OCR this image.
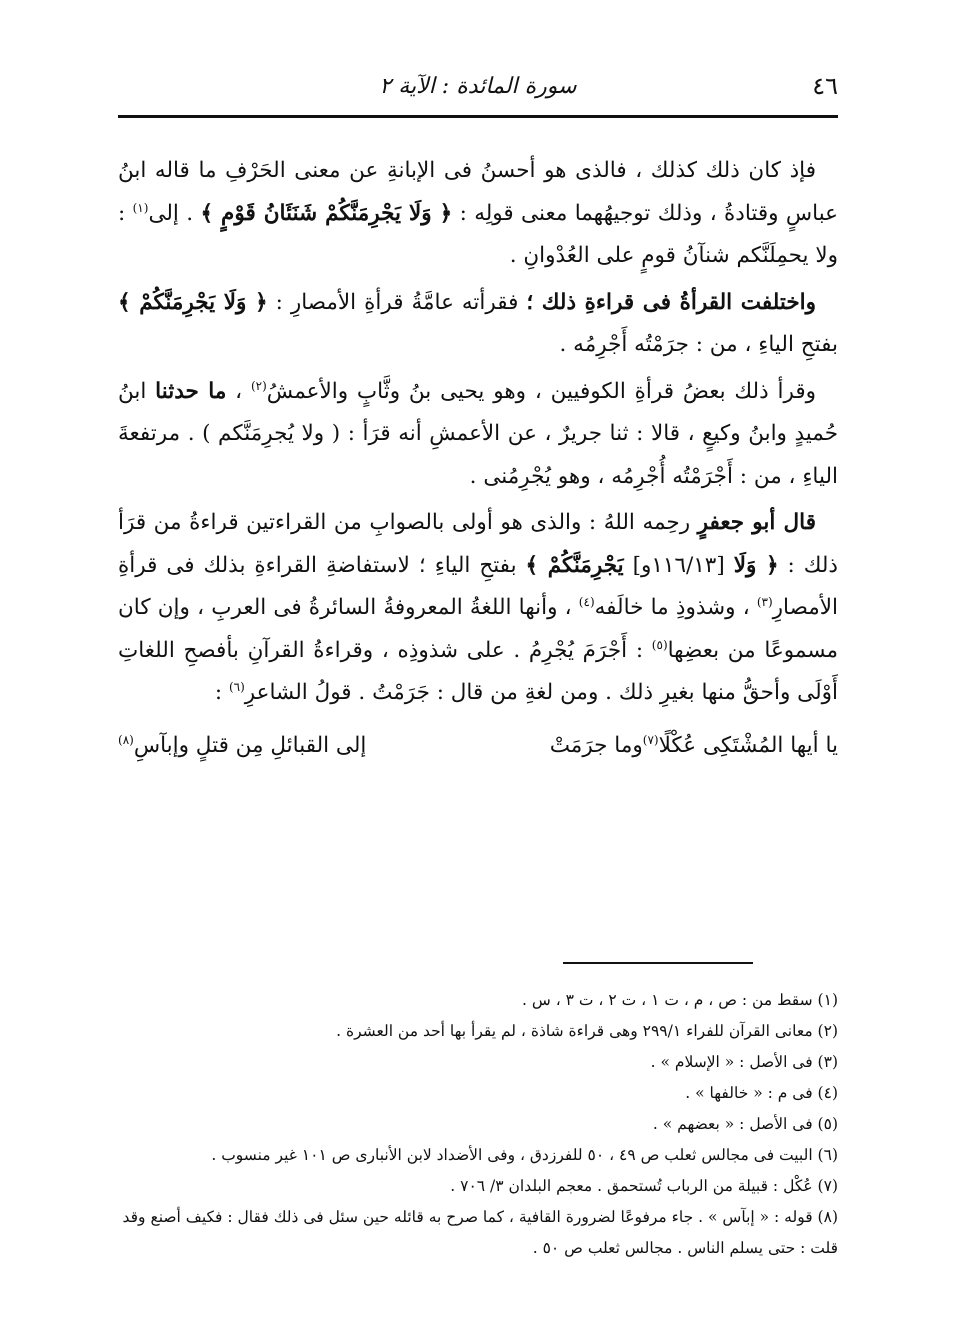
٤٦
سورة المائدة : الآية ٢

فإذ كان ذلك كذلك ، فالذى هو أحسنُ فى الإبانةِ عن معنى الحَرْفِ ما قاله ابنُ عباسٍ وقتادةُ ، وذلك توجيهُهما معنى قولِه : ﴿ وَلَا يَجْرِمَنَّكُمْ شَنَئَانُ قَوْمٍ ﴾ . إلى$^{(١)}$ : ولا يحمِلَنَّكم شنآنُ قومٍ على العُدْوانِ .

واختلفت القرأةُ فى قراءةِ ذلك ؛ فقرأته عامَّةُ قرأةِ الأمصارِ : ﴿ وَلَا يَجْرِمَنَّكُمْ ﴾ بفتحِ الياءِ ، من : جرَمْتُه أَجْرِمُه .

وقرأ ذلك بعضُ قرأةِ الكوفيين ، وهو يحيى بنُ وثَّابٍ والأعمشُ$^{(٢)}$ ، ما حدثنا ابنُ حُميدٍ وابنُ وكيعٍ ، قالا : ثنا جريرٌ ، عن الأعمشِ أنه قرَأ : ( ولا يُجرِمَنَّكم ) . مرتفعةَ الياءِ ، من : أَجْرَمْتُه أُجْرِمُه ، وهو يُجْرِمُنى .

قال أبو جعفرٍ رحِمه اللهُ : والذى هو أولى بالصوابِ من القراءتين قراءةُ من قرَأ ذلك : ﴿ وَلَا [١١٦/١٣و] يَجْرِمَنَّكُمْ ﴾ بفتحِ الياءِ ؛ لاستفاضةِ القراءةِ بذلك فى قرأةِ الأمصارِ$^{(٣)}$ ، وشذوذِ ما خالَفه$^{(٤)}$ ، وأنها اللغةُ المعروفةُ السائرةُ فى العربِ ، وإن كان مسموعًا من بعضِها$^{(٥)}$ : أَجْرَمَ يُجْرِمُ . على شذوذِه ، وقراءةُ القرآنِ بأفصحِ اللغاتِ أَوْلَى وأحقُّ منها بغيرِ ذلك . ومن لغةِ من قال : جَرَمْتُ . قولُ الشاعرِ$^{(٦)}$ :

يا أيها المُشْتَكِى عُكْلًا$^{(٧)}$وما جرَمَتْ
إلى القبائلِ مِن قتلٍ وإبآسِ$^{(٨)}$

(١) سقط من : ص ، م ، ت ١ ، ت ٢ ، ت ٣ ، س .

(٢) معانى القرآن للفراء ٢٩٩/١ وهى قراءة شاذة ، لم يقرأ بها أحد من العشرة .

(٣) فى الأصل : « الإسلام » .

(٤) فى م : « خالفها » .

(٥) فى الأصل : « بعضهم » .

(٦) البيت فى مجالس ثعلب ص ٤٩ ، ٥٠ للفرزدق ، وفى الأضداد لابن الأنبارى ص ١٠١ غير منسوب .

(٧) عُكْل : قبيلة من الرباب تُستحمق . معجم البلدان ٣/ ٧٠٦ .

(٨) قوله : « إبآس » . جاء مرفوعًا لضرورة القافية ، كما صرح به قائله حين سئل فى ذلك فقال : فكيف أصنع وقد قلت : حتى يسلم الناس . مجالس ثعلب ص ٥٠ .
